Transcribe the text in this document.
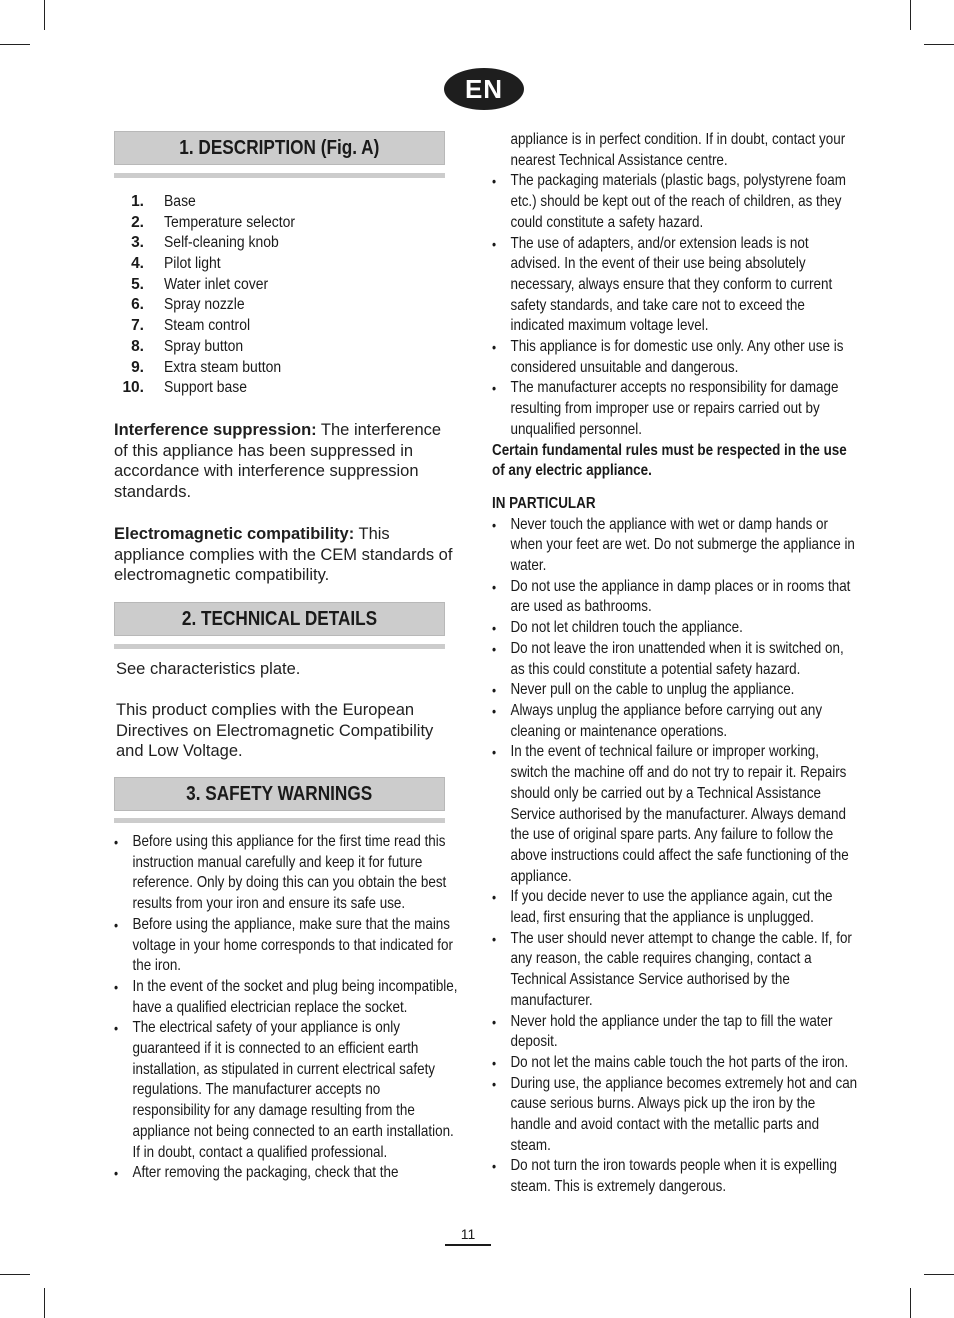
EN
1. DESCRIPTION (Fig. A)
1. Base
2. Temperature selector
3. Self-cleaning knob
4. Pilot light
5. Water inlet cover
6. Spray nozzle
7. Steam control
8. Spray button
9. Extra steam button
10. Support base
Interference suppression: The interference of this appliance has been suppressed in accordance with interference suppression standards.
Electromagnetic compatibility: This appliance complies with the CEM standards of electromagnetic compatibility.
2. TECHNICAL DETAILS
See characteristics plate.
This product complies with the European Directives on Electromagnetic Compatibility and Low Voltage.
3. SAFETY WARNINGS
• Before using this appliance for the first time read this instruction manual carefully and keep it for future reference. Only by doing this can you obtain the best results from your iron and ensure its safe use.
• Before using the appliance, make sure that the mains voltage in your home corresponds to that indicated for the iron.
• In the event of the socket and plug being incompatible, have a qualified electrician replace the socket.
• The electrical safety of your appliance is only guaranteed if it is connected to an efficient earth installation, as stipulated in current electrical safety regulations. The manufacturer accepts no responsibility for any damage resulting from the appliance not being connected to an earth installation. If in doubt, contact a qualified professional.
• After removing the packaging, check that the
appliance is in perfect condition. If in doubt, contact your nearest Technical Assistance centre.
• The packaging materials (plastic bags, polystyrene foam etc.) should be kept out of the reach of children, as they could constitute a safety hazard.
• The use of adapters, and/or extension leads is not advised. In the event of their use being absolutely necessary, always ensure that they conform to current safety standards, and take care not to exceed the indicated maximum voltage level.
• This appliance is for domestic use only. Any other use is considered unsuitable and dangerous.
• The manufacturer accepts no responsibility for damage resulting from improper use or repairs carried out by unqualified personnel.
Certain fundamental rules must be respected in the use of any electric appliance.
IN PARTICULAR
• Never touch the appliance with wet or damp hands or when your feet are wet. Do not submerge the appliance in water.
• Do not use the appliance in damp places or in rooms that are used as bathrooms.
• Do not let children touch the appliance.
• Do not leave the iron unattended when it is switched on, as this could constitute a potential safety hazard.
• Never pull on the cable to unplug the appliance.
• Always unplug the appliance before carrying out any cleaning or maintenance operations.
• In the event of technical failure or improper working, switch the machine off and do not try to repair it. Repairs should only be carried out by a Technical Assistance Service authorised by the manufacturer. Always demand the use of original spare parts. Any failure to follow the above instructions could affect the safe functioning of the appliance.
• If you decide never to use the appliance again, cut the lead, first ensuring that the appliance is unplugged.
• The user should never attempt to change the cable. If, for any reason, the cable requires changing, contact a Technical Assistance Service authorised by the manufacturer.
• Never hold the appliance under the tap to fill the water deposit.
• Do not let the mains cable touch the hot parts of the iron.
• During use, the appliance becomes extremely hot and can cause serious burns. Always pick up the iron by the handle and avoid contact with the metallic parts and steam.
• Do not turn the iron towards people when it is expelling steam. This is extremely dangerous.
11
